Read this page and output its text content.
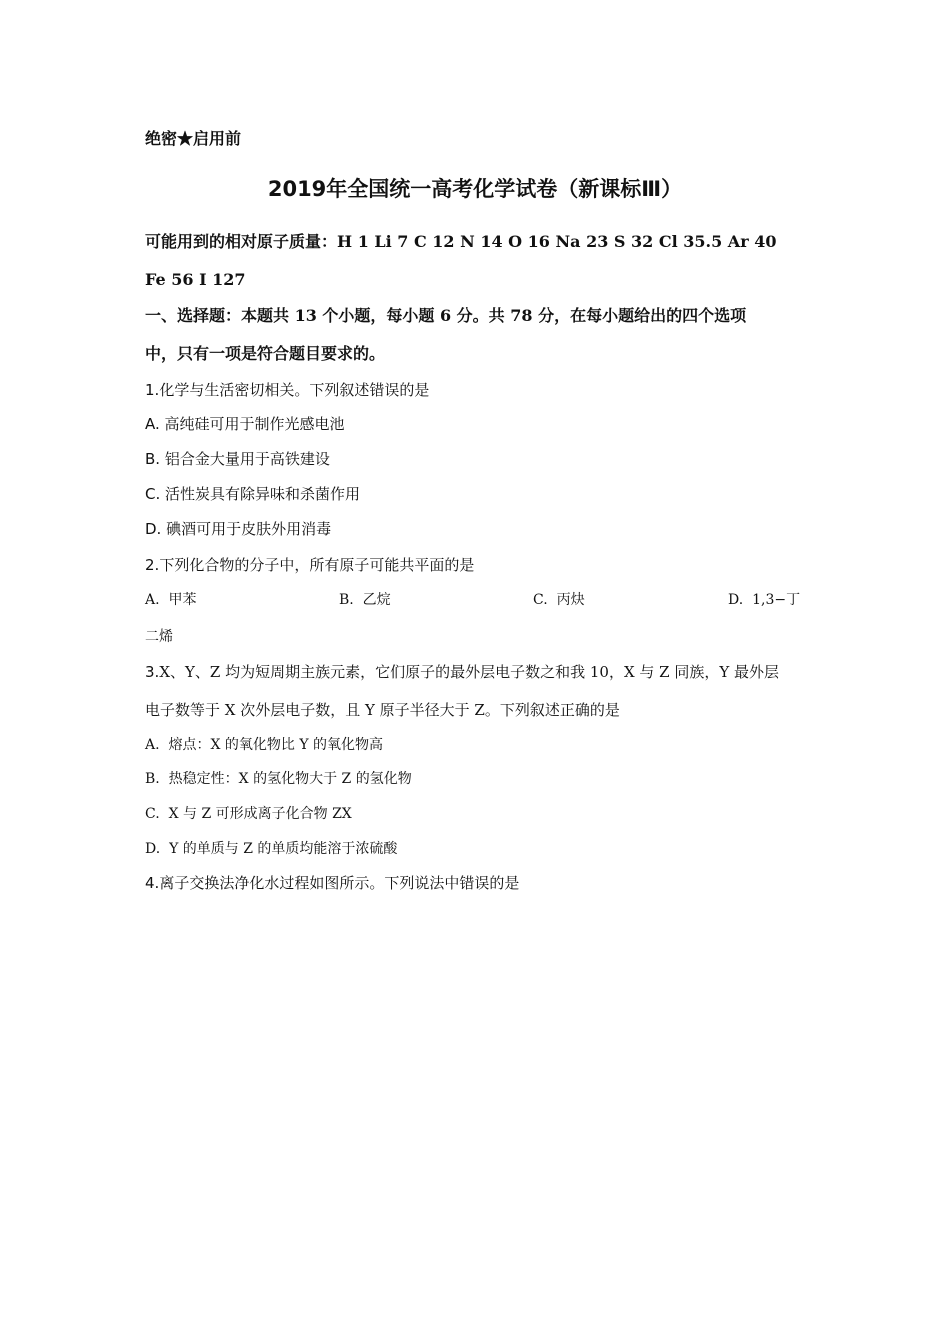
绝密★启用前
2019年全国统一高考化学试卷（新课标Ⅲ）
可能用到的相对原子质量：H 1 Li 7 C 12 N 14 O 16 Na 23 S 32 Cl 35.5 Ar 40
Fe 56 I 127
一、选择题：本题共 13 个小题，每小题 6 分。共 78 分，在每小题给出的四个选项
中，只有一项是符合题目要求的。
1.化学与生活密切相关。下列叙述错误的是
A. 高纯硅可用于制作光感电池
B. 铝合金大量用于高铁建设
C. 活性炭具有除异味和杀菌作用
D. 碘酒可用于皮肤外用消毒
2.下列化合物的分子中，所有原子可能共平面的是
A. 甲苯	B. 乙烷	C. 丙炔	D. 1,3−丁
二烯
3.X、Y、Z 均为短周期主族元素，它们原子的最外层电子数之和我 10，X 与 Z 同族，Y 最外层
电子数等于 X 次外层电子数，且 Y 原子半径大于 Z。下列叙述正确的是
A. 熔点：X 的氧化物比 Y 的氧化物高
B. 热稳定性：X 的氢化物大于 Z 的氢化物
C. X 与 Z 可形成离子化合物 ZX
D. Y 的单质与 Z 的单质均能溶于浓硫酸
4.离子交换法净化水过程如图所示。下列说法中错误的是
